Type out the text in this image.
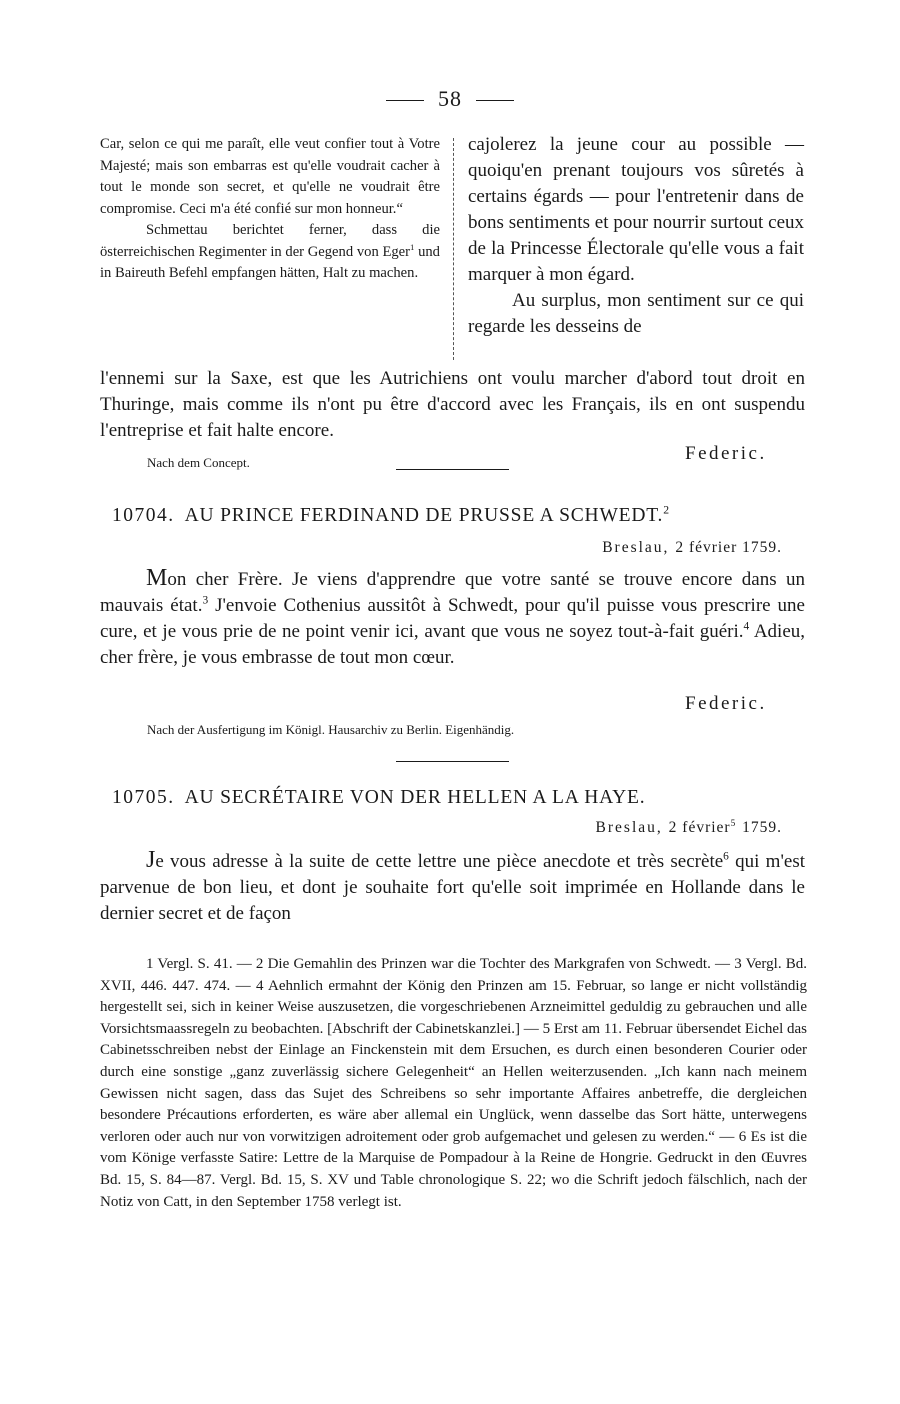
58

Car, selon ce qui me paraît, elle veut confier tout à Votre Majesté; mais son embarras est qu'elle voudrait cacher à tout le monde son secret, et qu'elle ne voudrait être compromise. Ceci m'a été confié sur mon honneur.“

Schmettau berichtet ferner, dass die österreichischen Regimenter in der Gegend von Eger$^1$ und in Baireuth Befehl empfangen hätten, Halt zu machen.

cajolerez la jeune cour au possible — quoiqu'en prenant toujours vos sûretés à certains égards — pour l'entretenir dans de bons sentiments et pour nourrir surtout ceux de la Princesse Électorale qu'elle vous a fait marquer à mon égard.

Au surplus, mon sentiment sur ce qui regarde les desseins de

l'ennemi sur la Saxe, est que les Autrichiens ont voulu marcher d'abord tout droit en Thuringe, mais comme ils n'ont pu être d'accord avec les Français, ils en ont suspendu l'entreprise et fait halte encore.

Nach dem Concept.	Federic.
10704. AU PRINCE FERDINAND DE PRUSSE A SCHWEDT.$^2$
Breslau, 2 février 1759.

Mon cher Frère. Je viens d'apprendre que votre santé se trouve encore dans un mauvais état.$^3$ J'envoie Cothenius aussitôt à Schwedt, pour qu'il puisse vous prescrire une cure, et je vous prie de ne point venir ici, avant que vous ne soyez tout-à-fait guéri.$^4$ Adieu, cher frère, je vous embrasse de tout mon cœur.

Federic.
Nach der Ausfertigung im Königl. Hausarchiv zu Berlin. Eigenhändig.
10705. AU SECRÉTAIRE VON DER HELLEN A LA HAYE.
Breslau, 2 février$^5$ 1759.

Je vous adresse à la suite de cette lettre une pièce anecdote et très secrète$^6$ qui m'est parvenue de bon lieu, et dont je souhaite fort qu'elle soit imprimée en Hollande dans le dernier secret et de façon

1 Vergl. S. 41. — 2 Die Gemahlin des Prinzen war die Tochter des Markgrafen von Schwedt. — 3 Vergl. Bd. XVII, 446. 447. 474. — 4 Aehnlich ermahnt der König den Prinzen am 15. Februar, so lange er nicht vollständig hergestellt sei, sich in keiner Weise auszusetzen, die vorgeschriebenen Arzneimittel geduldig zu gebrauchen und alle Vorsichtsmaassregeln zu beobachten. [Abschrift der Cabinetskanzlei.] — 5 Erst am 11. Februar übersendet Eichel das Cabinetsschreiben nebst der Einlage an Finckenstein mit dem Ersuchen, es durch einen besonderen Courier oder durch eine sonstige „ganz zuverlässig sichere Gelegenheit“ an Hellen weiterzusenden. „Ich kann nach meinem Gewissen nicht sagen, dass das Sujet des Schreibens so sehr importante Affaires anbetreffe, die dergleichen besondere Précautions erforderten, es wäre aber allemal ein Unglück, wenn dasselbe das Sort hätte, unterwegens verloren oder auch nur von vorwitzigen adroitement oder grob aufgemachet und gelesen zu werden.“ — 6 Es ist die vom Könige verfasste Satire: Lettre de la Marquise de Pompadour à la Reine de Hongrie. Gedruckt in den Œuvres Bd. 15, S. 84—87. Vergl. Bd. 15, S. XV und Table chronologique S. 22; wo die Schrift jedoch fälschlich, nach der Notiz von Catt, in den September 1758 verlegt ist.
